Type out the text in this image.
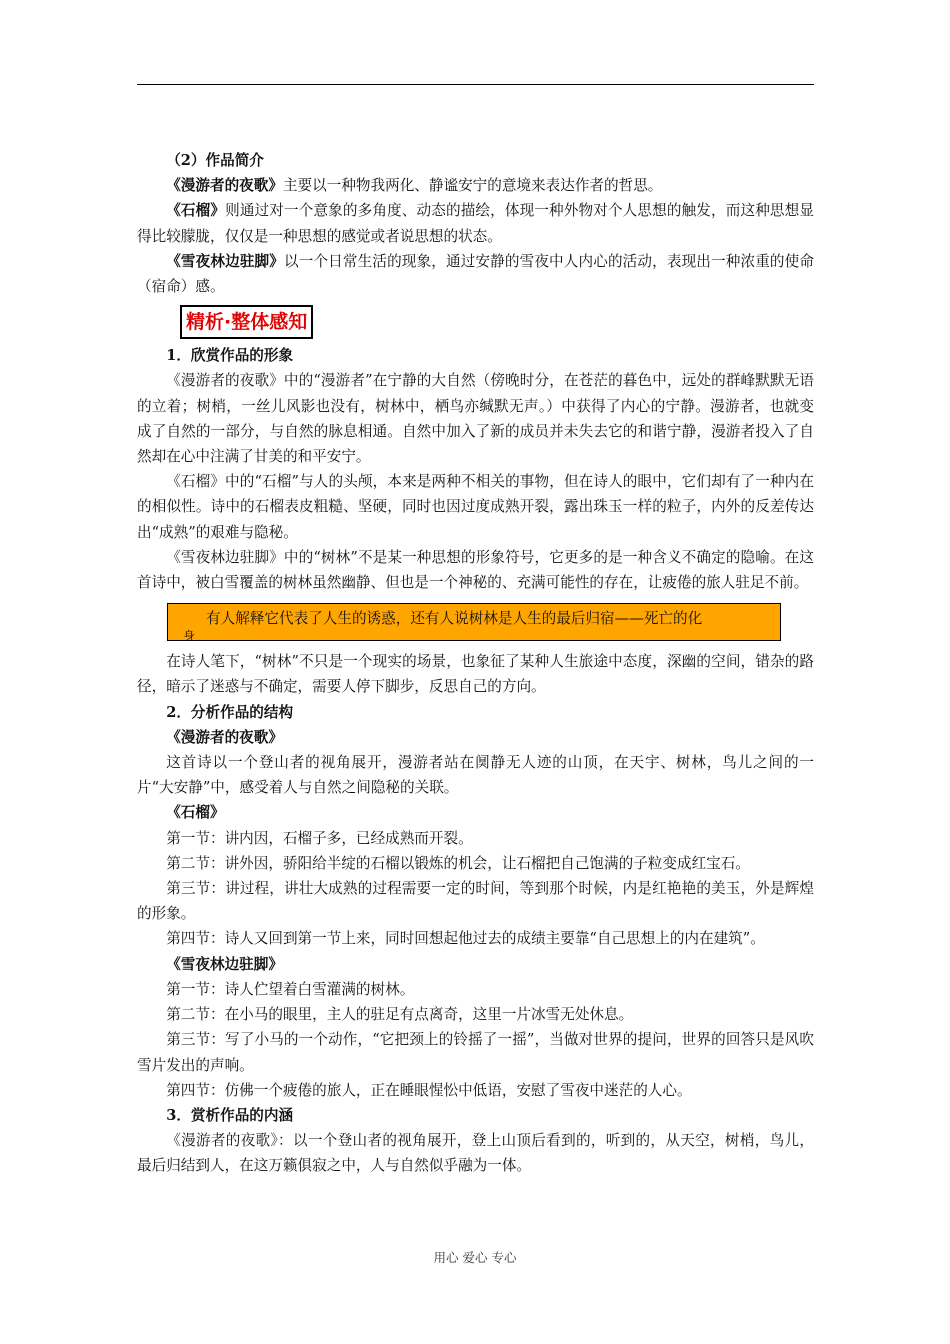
（2）作品简介

《漫游者的夜歌》主要以一种物我两化、静谧安宁的意境来表达作者的哲思。

《石榴》则通过对一个意象的多角度、动态的描绘，体现一种外物对个人思想的触发，而这种思想显得比较朦胧，仅仅是一种思想的感觉或者说思想的状态。

《雪夜林边驻脚》以一个日常生活的现象，通过安静的雪夜中人内心的活动，表现出一种浓重的使命（宿命）感。

精析·整体感知

1．欣赏作品的形象

《漫游者的夜歌》中的“漫游者”在宁静的大自然（傍晚时分，在苍茫的暮色中，远处的群峰默默无语的立着；树梢，一丝儿风影也没有，树林中，栖鸟亦缄默无声。）中获得了内心的宁静。漫游者，也就变成了自然的一部分，与自然的脉息相通。自然中加入了新的成员并未失去它的和谐宁静，漫游者投入了自然却在心中注满了甘美的和平安宁。

《石榴》中的“石榴”与人的头颅，本来是两种不相关的事物，但在诗人的眼中，它们却有了一种内在的相似性。诗中的石榴表皮粗糙、坚硬，同时也因过度成熟开裂，露出珠玉一样的粒子，内外的反差传达出“成熟”的艰难与隐秘。

《雪夜林边驻脚》中的“树林”不是某一种思想的形象符号，它更多的是一种含义不确定的隐喻。在这首诗中，被白雪覆盖的树林虽然幽静、但也是一个神秘的、充满可能性的存在，让疲倦的旅人驻足不前。

有人解释它代表了人生的诱惑，还有人说树林是人生的最后归宿——死亡的化
身

在诗人笔下，“树林”不只是一个现实的场景，也象征了某种人生旅途中态度，深幽的空间，错杂的路径，暗示了迷惑与不确定，需要人停下脚步，反思自己的方向。

2．分析作品的结构

《漫游者的夜歌》

这首诗以一个登山者的视角展开，漫游者站在阒静无人迹的山顶，在天宇、树林，鸟儿之间的一片“大安静”中，感受着人与自然之间隐秘的关联。

《石榴》

第一节：讲内因，石榴子多，已经成熟而开裂。

第二节：讲外因，骄阳给半绽的石榴以锻炼的机会，让石榴把自己饱满的子粒变成红宝石。

第三节：讲过程，讲壮大成熟的过程需要一定的时间，等到那个时候，内是红艳艳的美玉，外是辉煌的形象。

第四节：诗人又回到第一节上来，同时回想起他过去的成绩主要靠“自己思想上的内在建筑”。

《雪夜林边驻脚》

第一节：诗人伫望着白雪灌满的树林。

第二节：在小马的眼里，主人的驻足有点离奇，这里一片冰雪无处休息。

第三节：写了小马的一个动作，“它把颈上的铃摇了一摇”，当做对世界的提问，世界的回答只是风吹雪片发出的声响。

第四节：仿佛一个疲倦的旅人，正在睡眼惺忪中低语，安慰了雪夜中迷茫的人心。

3．赏析作品的内涵

《漫游者的夜歌》：以一个登山者的视角展开，登上山顶后看到的，听到的，从天空，树梢，鸟儿，最后归结到人，在这万籁俱寂之中，人与自然似乎融为一体。

用心 爱心 专心
